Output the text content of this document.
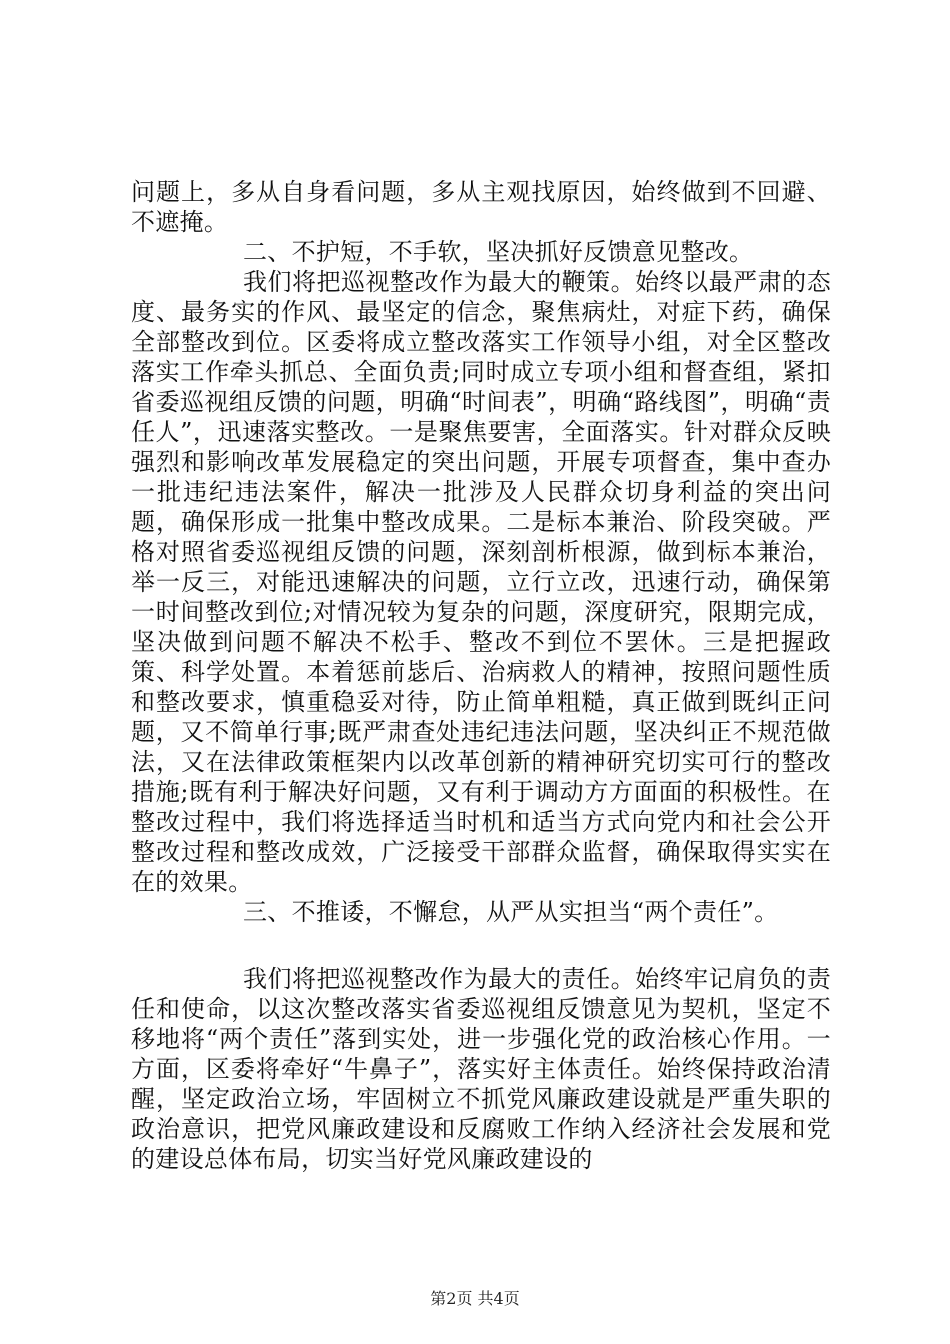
问题上，多从自身看问题，多从主观找原因，始终做到不回避、不遮掩。

二、不护短，不手软，坚决抓好反馈意见整改。

我们将把巡视整改作为最大的鞭策。始终以最严肃的态度、最务实的作风、最坚定的信念，聚焦病灶，对症下药，确保全部整改到位。区委将成立整改落实工作领导小组，对全区整改落实工作牵头抓总、全面负责;同时成立专项小组和督查组，紧扣省委巡视组反馈的问题，明确“时间表”，明确“路线图”，明确“责任人”，迅速落实整改。一是聚焦要害，全面落实。针对群众反映强烈和影响改革发展稳定的突出问题，开展专项督查，集中查办一批违纪违法案件，解决一批涉及人民群众切身利益的突出问题，确保形成一批集中整改成果。二是标本兼治、阶段突破。严格对照省委巡视组反馈的问题，深刻剖析根源，做到标本兼治，举一反三，对能迅速解决的问题，立行立改，迅速行动，确保第一时间整改到位;对情况较为复杂的问题，深度研究，限期完成，坚决做到问题不解决不松手、整改不到位不罢休。三是把握政策、科学处置。本着惩前毖后、治病救人的精神，按照问题性质和整改要求，慎重稳妥对待，防止简单粗糙，真正做到既纠正问题，又不简单行事;既严肃查处违纪违法问题，坚决纠正不规范做法，又在法律政策框架内以改革创新的精神研究切实可行的整改措施;既有利于解决好问题，又有利于调动方方面面的积极性。在整改过程中，我们将选择适当时机和适当方式向党内和社会公开整改过程和整改成效，广泛接受干部群众监督，确保取得实实在在的效果。

三、不推诿，不懈怠，从严从实担当“两个责任”。

我们将把巡视整改作为最大的责任。始终牢记肩负的责任和使命，以这次整改落实省委巡视组反馈意见为契机，坚定不移地将“两个责任”落到实处，进一步强化党的政治核心作用。一方面，区委将牵好“牛鼻子”，落实好主体责任。始终保持政治清醒，坚定政治立场，牢固树立不抓党风廉政建设就是严重失职的政治意识，把党风廉政建设和反腐败工作纳入经济社会发展和党的建设总体布局，切实当好党风廉政建设的

第2页 共4页
